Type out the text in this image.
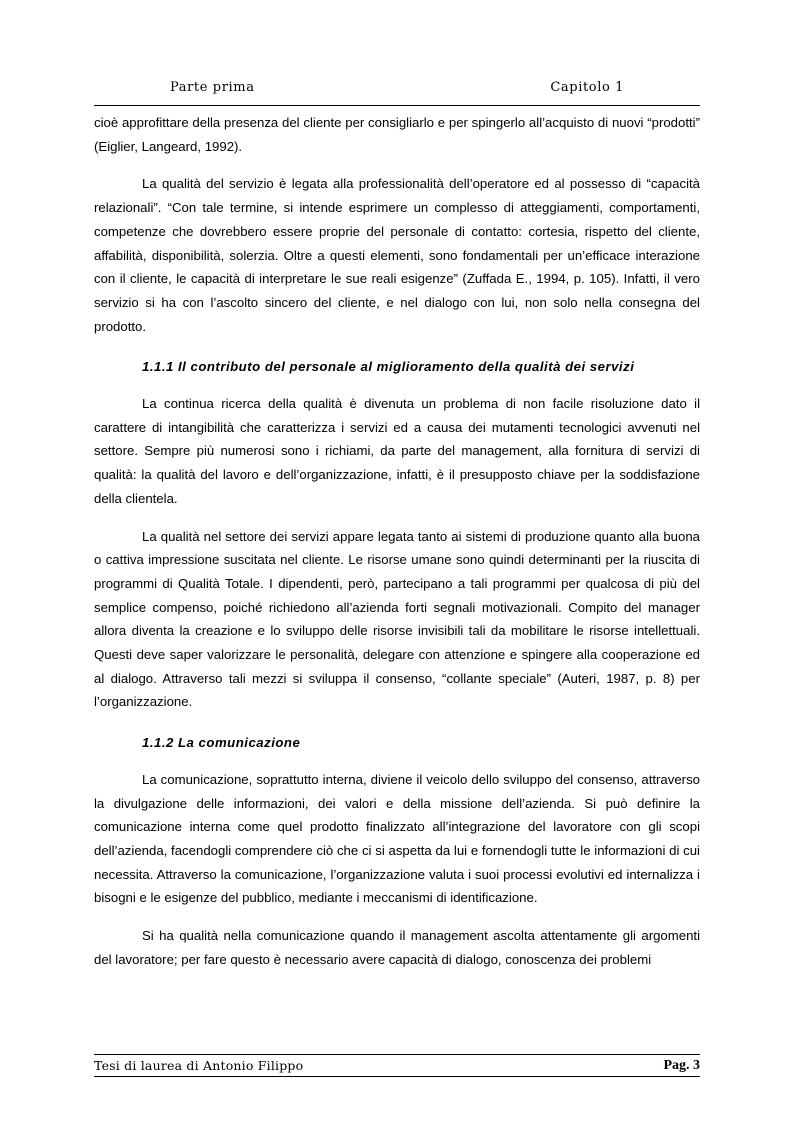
Parte prima	Capitolo 1

cioè approfittare della presenza del cliente per consigliarlo e per spingerlo all’acquisto di nuovi “prodotti” (Eiglier, Langeard, 1992).

La qualità del servizio è legata alla professionalità dell’operatore ed al possesso di “capacità relazionali”. “Con tale termine, si intende esprimere un complesso di atteggiamenti, comportamenti, competenze che dovrebbero essere proprie del personale di contatto: cortesia, rispetto del cliente, affabilità, disponibilità, solerzia. Oltre a questi elementi, sono fondamentali per un’efficace interazione con il cliente, le capacità di interpretare le sue reali esigenze” (Zuffada E., 1994, p. 105). Infatti, il vero servizio si ha con l’ascolto sincero del cliente, e nel dialogo con lui, non solo nella consegna del prodotto.

1.1.1 Il contributo del personale al miglioramento della qualità dei servizi

La continua ricerca della qualità è divenuta un problema di non facile risoluzione dato il carattere di intangibilità che caratterizza i servizi ed a causa dei mutamenti tecnologici avvenuti nel settore. Sempre più numerosi sono i richiami, da parte del management, alla fornitura di servizi di qualità: la qualità del lavoro e dell’organizzazione, infatti, è il presupposto chiave per la soddisfazione della clientela.

La qualità nel settore dei servizi appare legata tanto ai sistemi di produzione quanto alla buona o cattiva impressione suscitata nel cliente. Le risorse umane sono quindi determinanti per la riuscita di programmi di Qualità Totale. I dipendenti, però, partecipano a tali programmi per qualcosa di più del semplice compenso, poiché richiedono all’azienda forti segnali motivazionali. Compito del manager allora diventa la creazione e lo sviluppo delle risorse invisibili tali da mobilitare le risorse intellettuali. Questi deve saper valorizzare le personalità, delegare con attenzione e spingere alla cooperazione ed al dialogo. Attraverso tali mezzi si sviluppa il consenso, “collante speciale” (Auteri, 1987, p. 8) per l’organizzazione.

1.1.2 La comunicazione

La comunicazione, soprattutto interna, diviene il veicolo dello sviluppo del consenso, attraverso la divulgazione delle informazioni, dei valori e della missione dell’azienda. Si può definire la comunicazione interna come quel prodotto finalizzato all’integrazione del lavoratore con gli scopi dell’azienda, facendogli comprendere ciò che ci si aspetta da lui e fornendogli tutte le informazioni di cui necessita. Attraverso la comunicazione, l’organizzazione valuta i suoi processi evolutivi ed internalizza i bisogni e le esigenze del pubblico, mediante i meccanismi di identificazione.

Si ha qualità nella comunicazione quando il management ascolta attentamente gli argomenti del lavoratore; per fare questo è necessario avere capacità di dialogo, conoscenza dei problemi

Tesi di laurea di Antonio Filippo	Pag. 3
